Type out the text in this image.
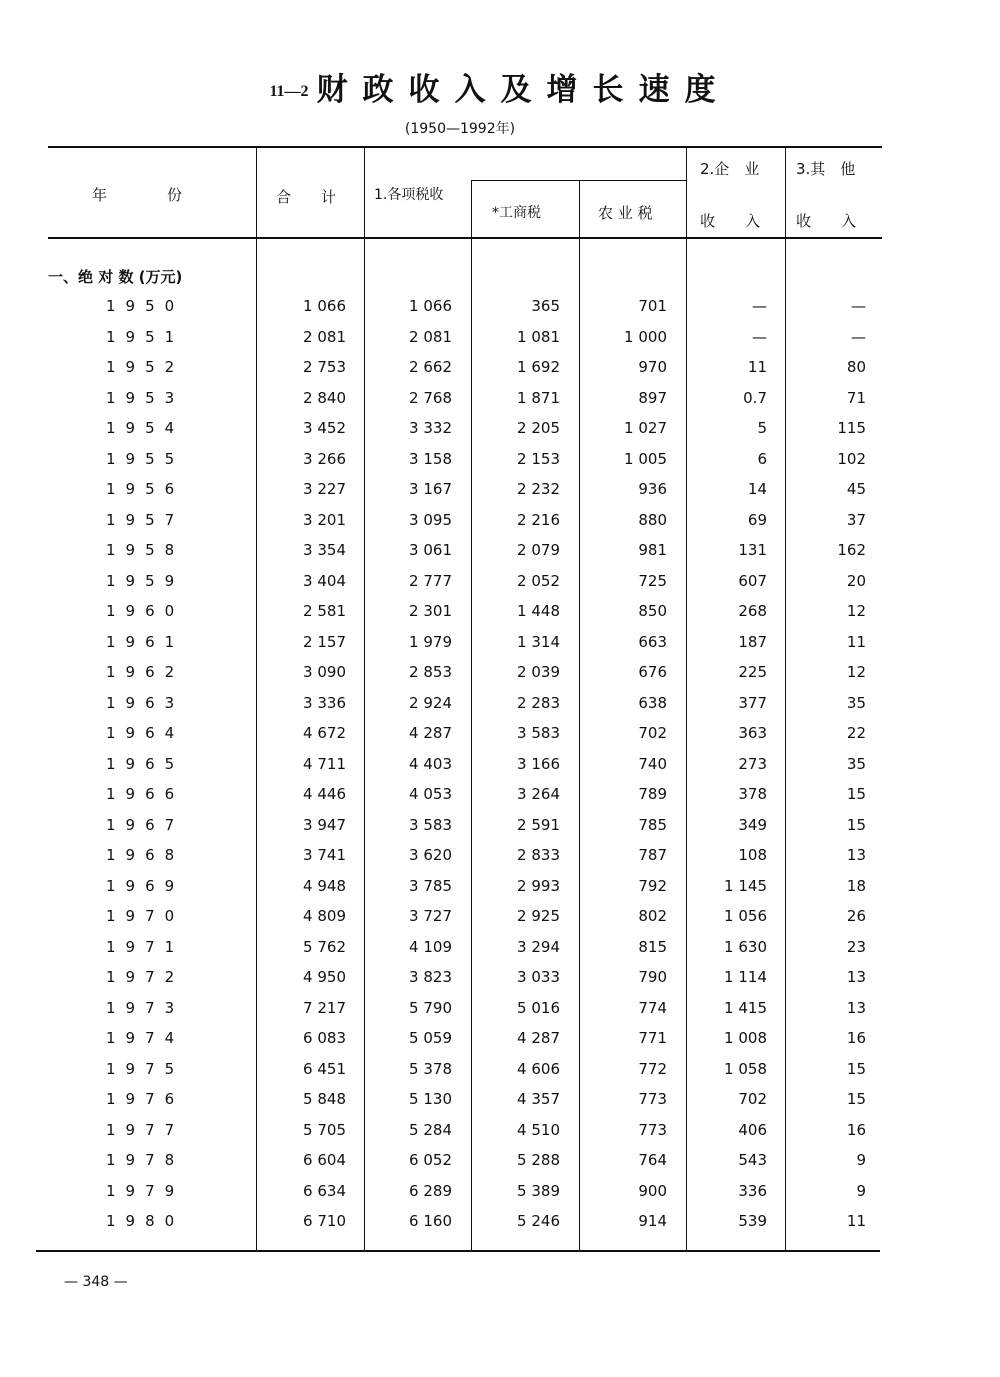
11—2 财政收入及增长速度
(1950—1992年)
年　　　　份	合　　计	1.各项税收
*工商税	农 业 税
2.企　业
收　　入
3.其　他
收　　入
一、绝 对 数 (万元)
1950	1 066	1 066	365	701	—	—
1951	2 081	2 081	1 081	1 000	—	—
1952	2 753	2 662	1 692	970	11	80
1953	2 840	2 768	1 871	897	0.7	71
1954	3 452	3 332	2 205	1 027	5	115
1955	3 266	3 158	2 153	1 005	6	102
1956	3 227	3 167	2 232	936	14	45
1957	3 201	3 095	2 216	880	69	37
1958	3 354	3 061	2 079	981	131	162
1959	3 404	2 777	2 052	725	607	20
1960	2 581	2 301	1 448	850	268	12
1961	2 157	1 979	1 314	663	187	11
1962	3 090	2 853	2 039	676	225	12
1963	3 336	2 924	2 283	638	377	35
1964	4 672	4 287	3 583	702	363	22
1965	4 711	4 403	3 166	740	273	35
1966	4 446	4 053	3 264	789	378	15
1967	3 947	3 583	2 591	785	349	15
1968	3 741	3 620	2 833	787	108	13
1969	4 948	3 785	2 993	792	1 145	18
1970	4 809	3 727	2 925	802	1 056	26
1971	5 762	4 109	3 294	815	1 630	23
1972	4 950	3 823	3 033	790	1 114	13
1973	7 217	5 790	5 016	774	1 415	13
1974	6 083	5 059	4 287	771	1 008	16
1975	6 451	5 378	4 606	772	1 058	15
1976	5 848	5 130	4 357	773	702	15
1977	5 705	5 284	4 510	773	406	16
1978	6 604	6 052	5 288	764	543	9
1979	6 634	6 289	5 389	900	336	9
1980	6 710	6 160	5 246	914	539	11
— 348 —
